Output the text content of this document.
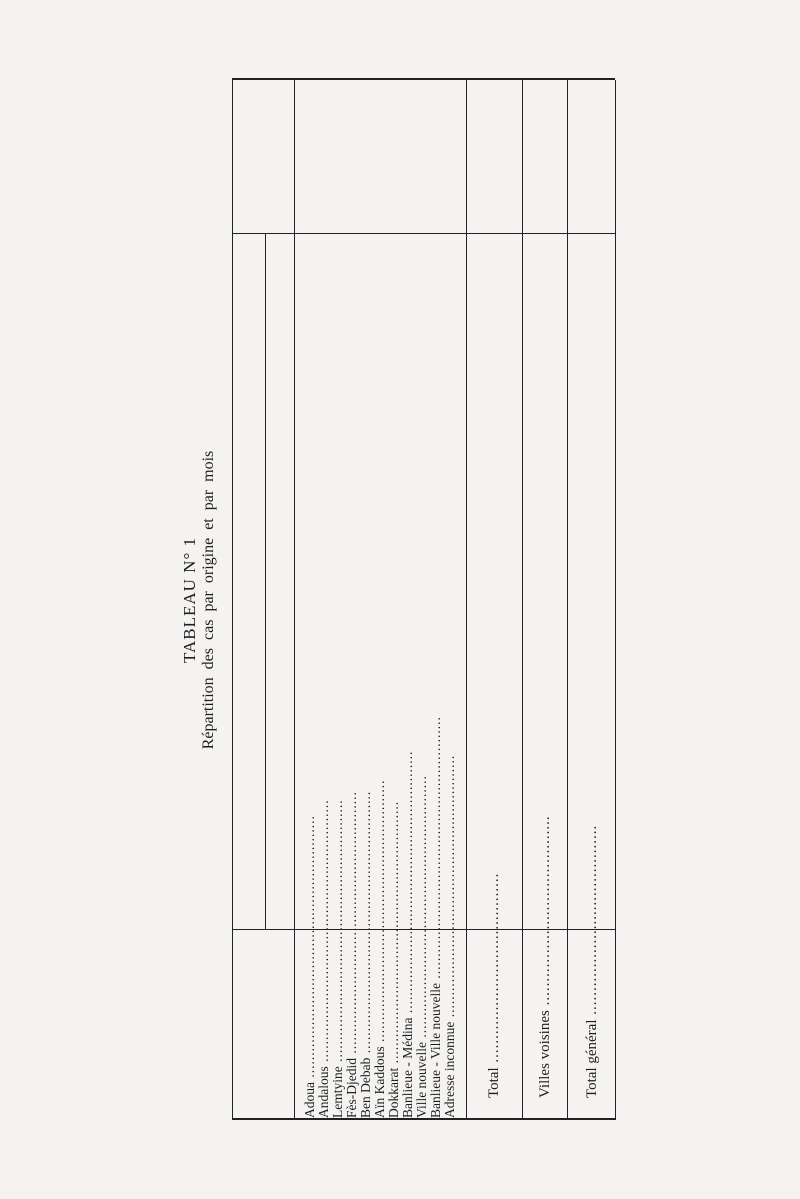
TABLEAU N° 1 Répartition des cas par origine et par mois
Adoua ............................................................
Andalous ............................................................
Lemtyine ............................................................
Fès-Djedid ............................................................
Ben Debab ............................................................
Aïn Kaddous ............................................................
Dokkarat ............................................................ Banlieue - Médina ............................................................
Ville nouvelle ............................................................
Banlieue - Ville nouvelle ............................................................
Adresse inconnue ............................................................
Total ........................................ Villes voisines ........................................
Total général ........................................
